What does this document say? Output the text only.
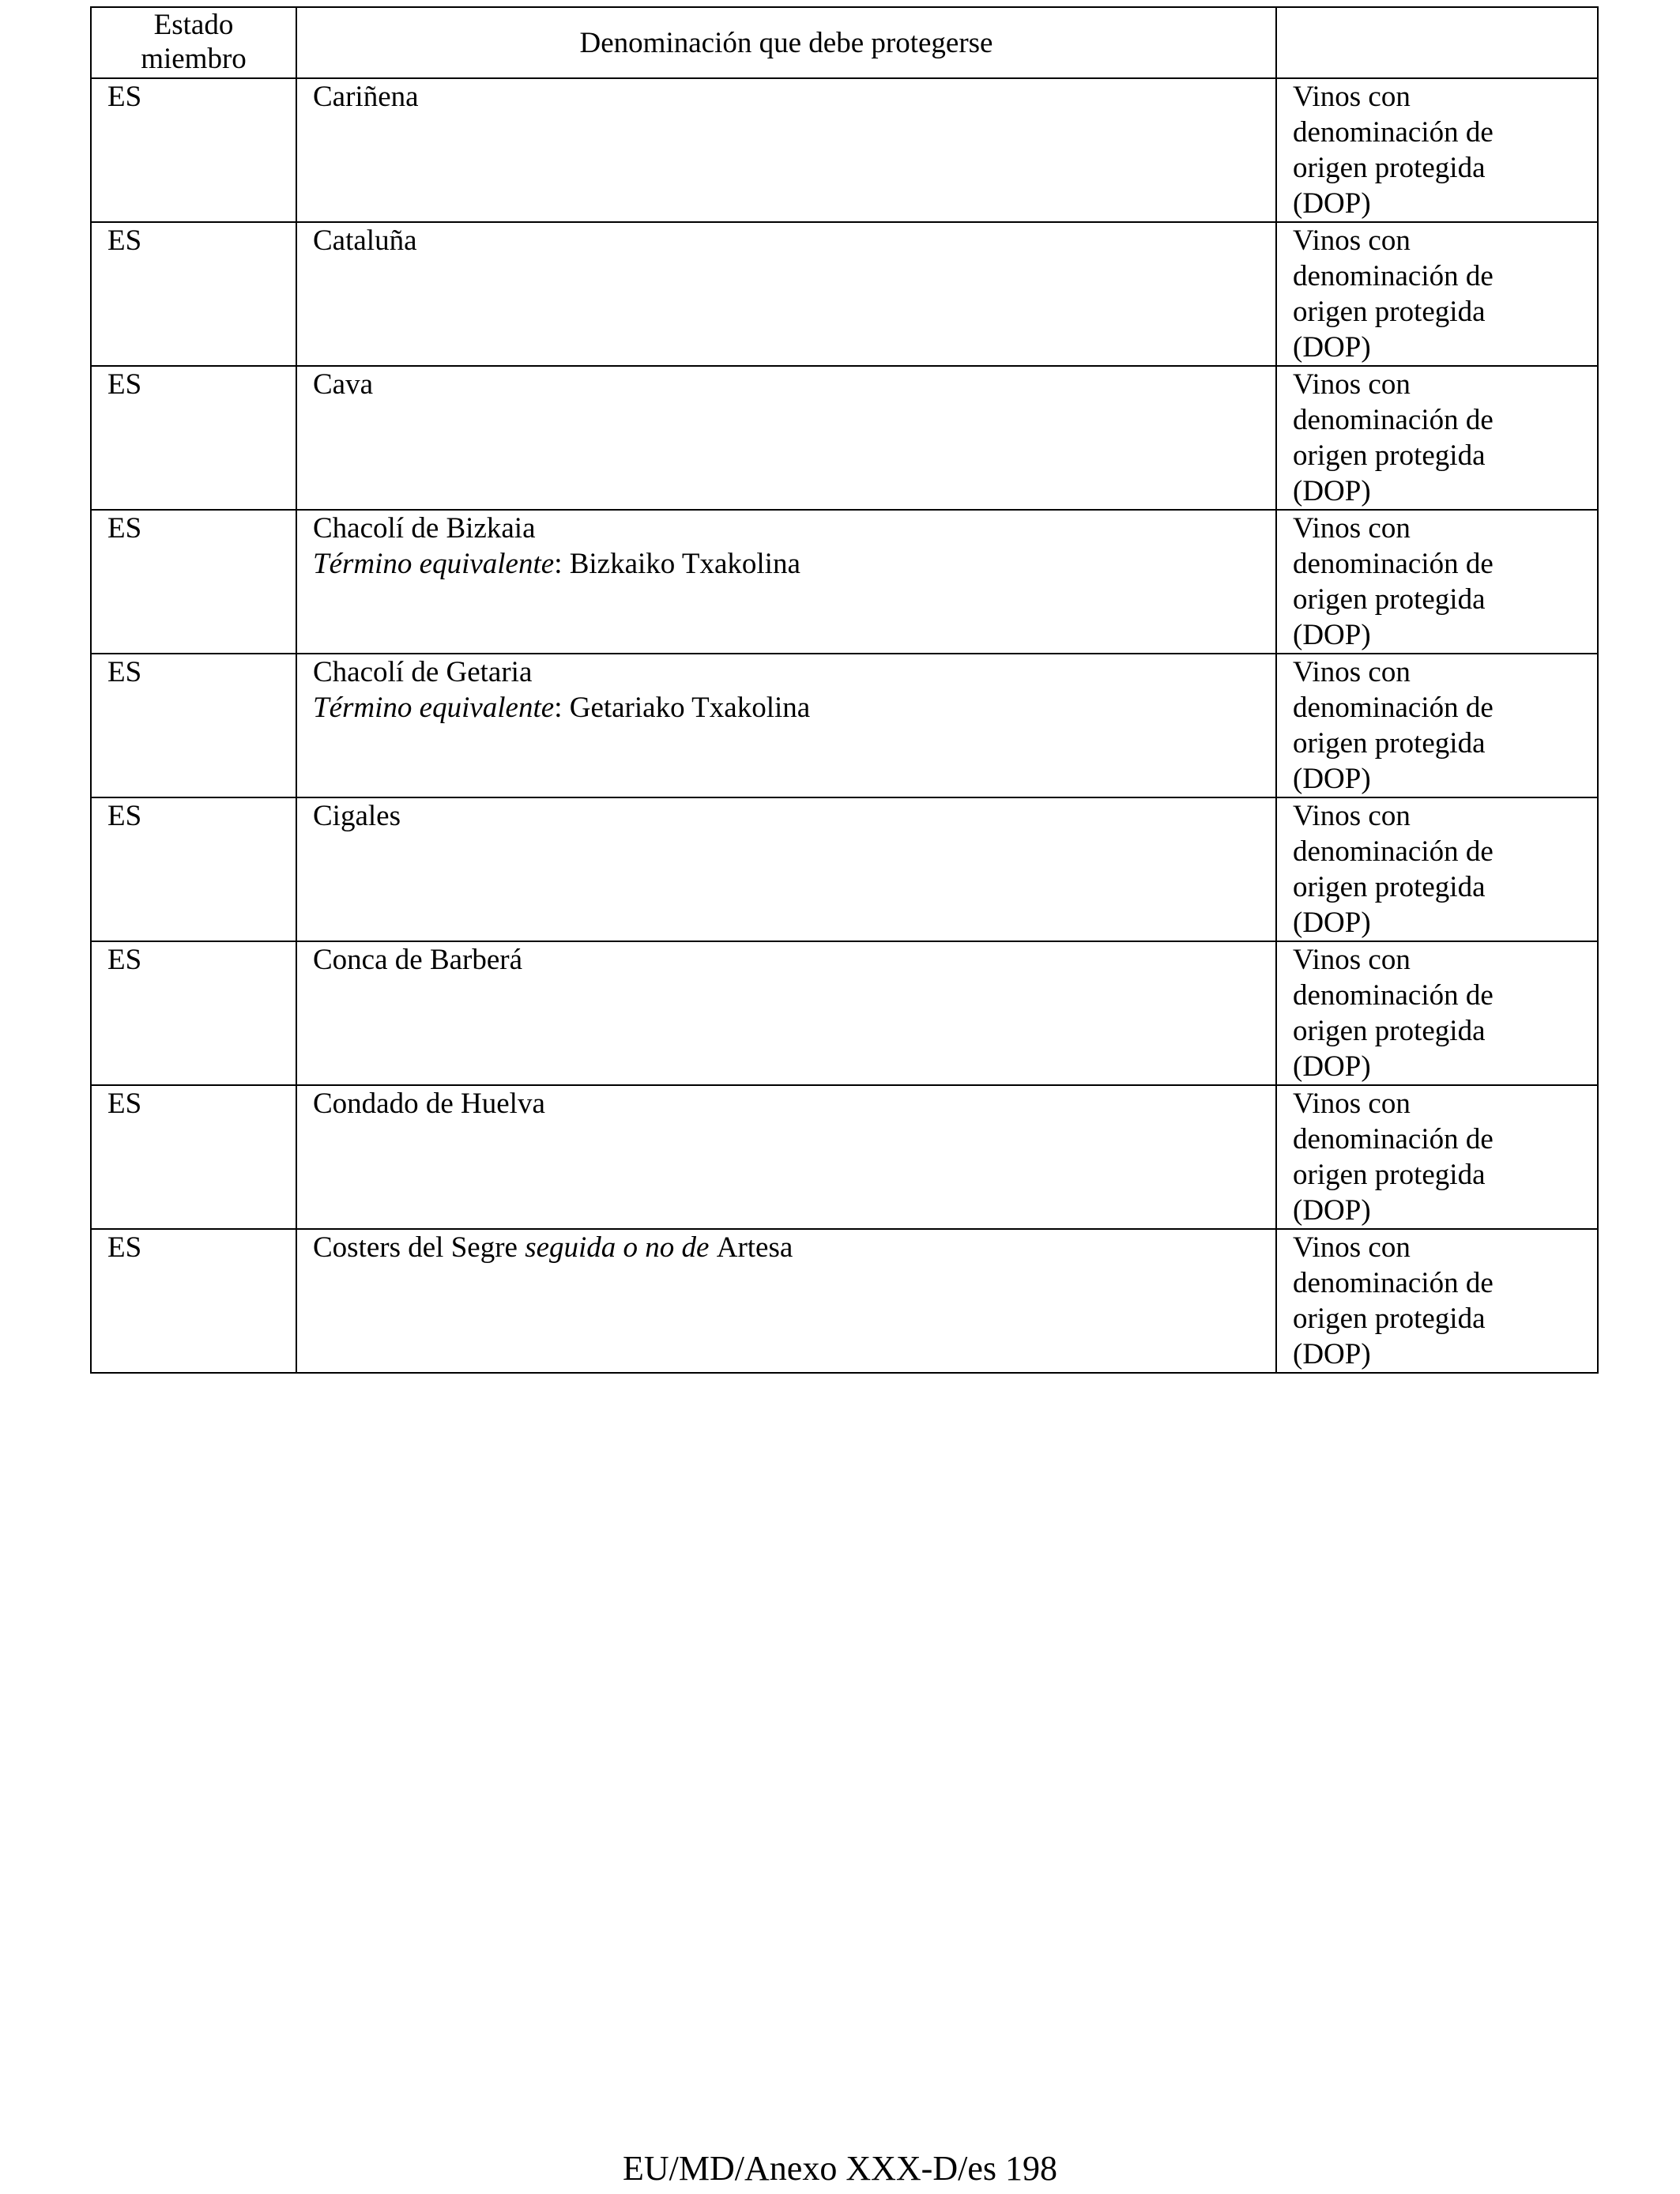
Estado
miembro	Denominación que debe protegerse	
ES	Cariñena	Vinos con
denominación de
origen protegida
(DOP)

ES	Cataluña	Vinos con
denominación de
origen protegida
(DOP)

ES	Cava	Vinos con
denominación de
origen protegida
(DOP)

ES	Chacolí de Bizkaia
Término equivalente: Bizkaiko Txakolina	Vinos con
denominación de
origen protegida
(DOP)

ES	Chacolí de Getaria
Término equivalente: Getariako Txakolina	Vinos con
denominación de
origen protegida
(DOP)

ES	Cigales	Vinos con
denominación de
origen protegida
(DOP)

ES	Conca de Barberá	Vinos con
denominación de
origen protegida
(DOP)

ES	Condado de Huelva	Vinos con
denominación de
origen protegida
(DOP)

ES	Costers del Segre seguida o no de Artesa	Vinos con
denominación de
origen protegida
(DOP)
EU/MD/Anexo XXX-D/es 198
